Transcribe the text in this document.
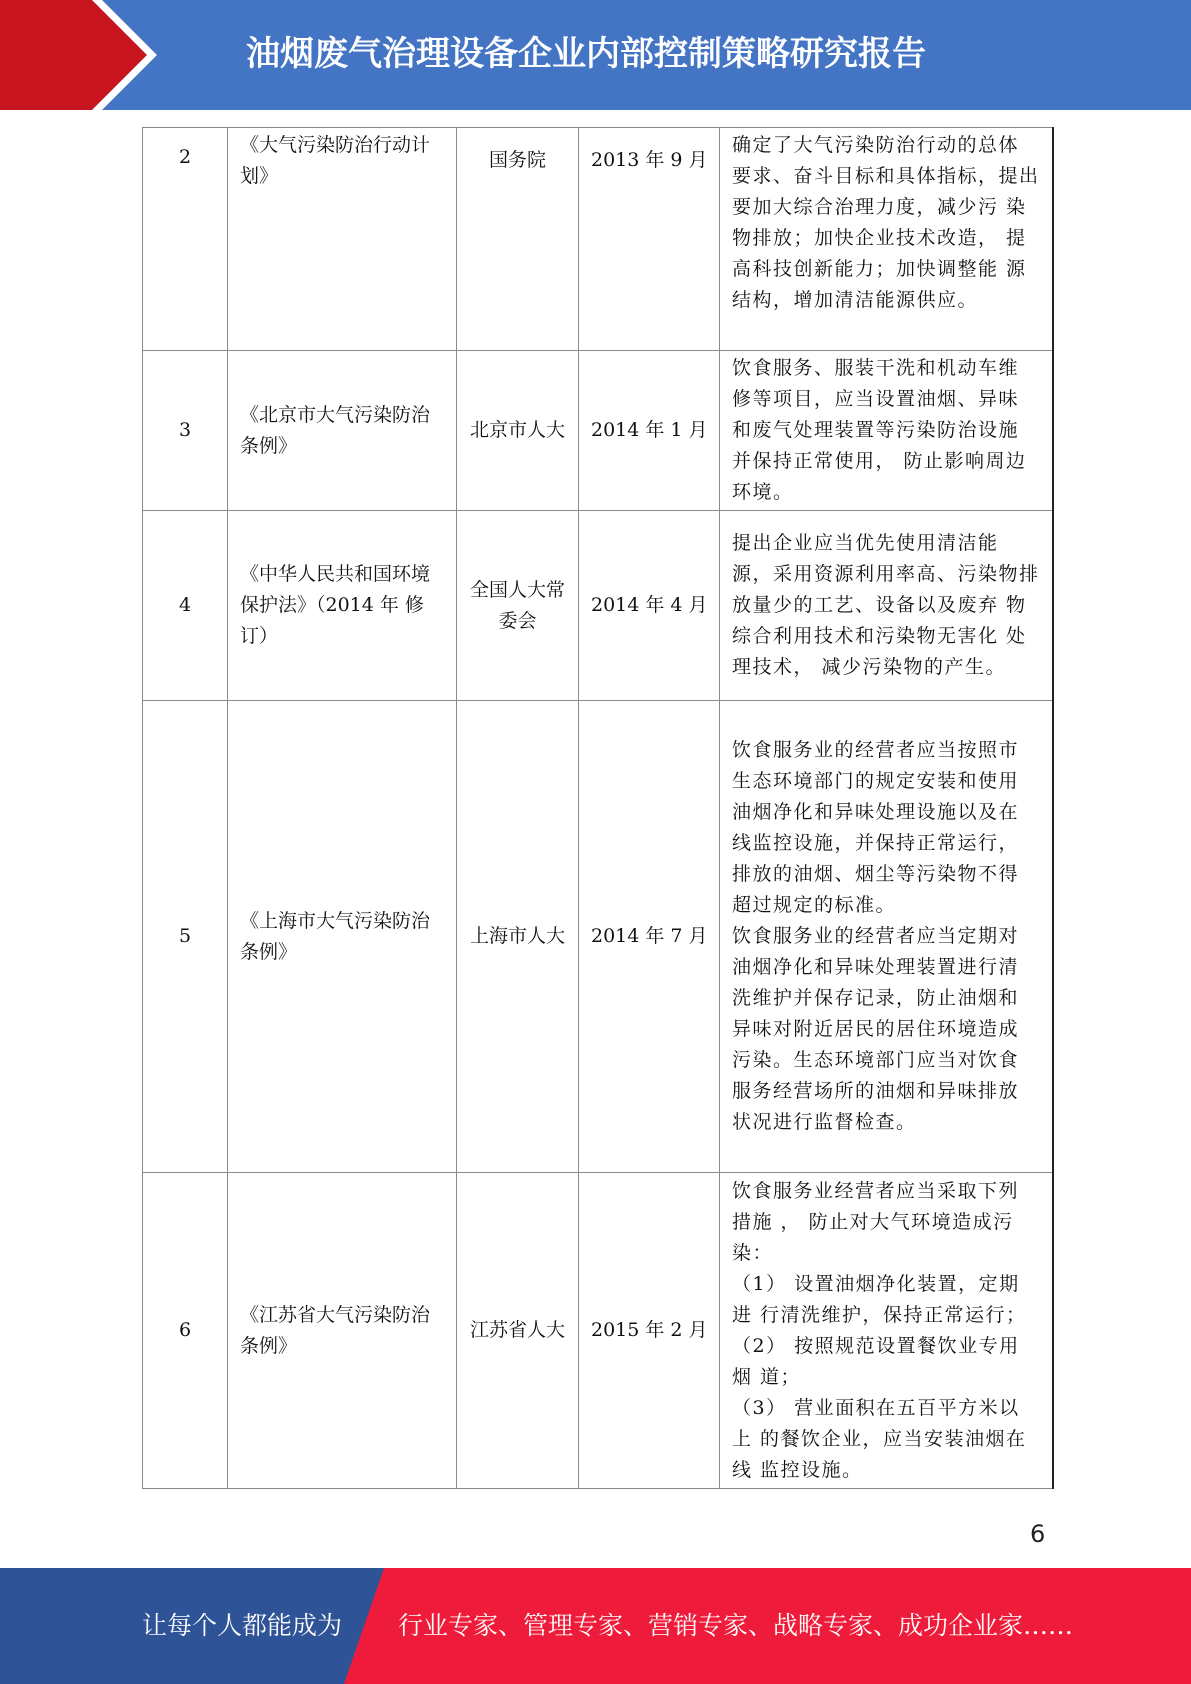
油烟废气治理设备企业内部控制策略研究报告
2	《大气污染防治行动计划》	国务院	2013 年 9 月	确定了大气污染防治行动的总体 要求、奋斗目标和具体指标，提出要加大综合治理力度，减少污 染物排放；加快企业技术改造， 提高科技创新能力；加快调整能 源结构，增加清洁能源供应。

3	《北京市大气污染防治条例》	北京市人大	2014 年 1 月	饮食服务、服装干洗和机动车维 修等项目，应当设置油烟、异味 和废气处理装置等污染防治设施 并保持正常使用， 防止影响周边 环境。

4	《中华人民共和国环境保护法》（2014 年 修订）	全国人大常委会	2014 年 4 月	提出企业应当优先使用清洁能 源，采用资源利用率高、污染物排放量少的工艺、设备以及废弃 物综合利用技术和污染物无害化 处理技术， 减少污染物的产生。

5	《上海市大气污染防治条例》	上海市人大	2014 年 7 月	饮食服务业的经营者应当按照市 生态环境部门的规定安装和使用 油烟净化和异味处理设施以及在 线监控设施，并保持正常运行， 排放的油烟、烟尘等污染物不得 超过规定的标准。
饮食服务业的经营者应当定期对 油烟净化和异味处理装置进行清 洗维护并保存记录，防止油烟和 异味对附近居民的居住环境造成 污染。生态环境部门应当对饮食 服务经营场所的油烟和异味排放 状况进行监督检查。

6	《江苏省大气污染防治条例》	江苏省人大	2015 年 2 月	饮食服务业经营者应当采取下列 措施 ， 防止对大气环境造成污 染：
（1） 设置油烟净化装置，定期进 行清洗维护，保持正常运行；
（2） 按照规范设置餐饮业专用烟 道；
（3） 营业面积在五百平方米以上 的餐饮企业，应当安装油烟在线 监控设施。
6
让每个人都能成为 行业专家、管理专家、营销专家、战略专家、成功企业家……
